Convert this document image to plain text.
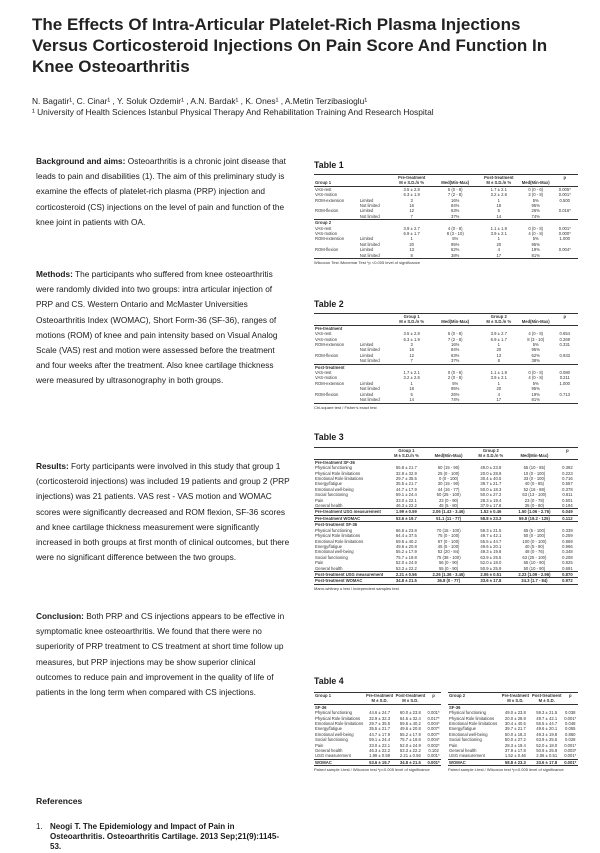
The Effects Of Intra-Articular Platelet-Rich Plasma Injections Versus Corticosteroid Injections On Pain Score And Function In Knee Osteoarthritis
N. Bagatir¹, C. Cinar¹ , Y. Soluk Ozdemir¹ , A.N. Bardak¹ , K. Ones¹ , A.Metin Terzibasioglu¹
¹ University of Health Sciences Istanbul Physical Therapy And Rehabilitation Training And Research Hospital
Background and aims: Osteoarthritis is a chronic joint disease that leads to pain and disabilities (1). The aim of this preliminary study is examine the effects of platelet-rich plasma (PRP) injection and corticosteroid (CS) injections on the level of pain and function of the knee joint in patients with OA.
Methods: The participants who suffered from knee osteoarthritis were randomly divided into two groups: intra articular injection of PRP and CS. Western Ontario and McMaster Universities Osteoarthritis Index (WOMAC), Short Form-36 (SF-36), ranges of motions (ROM) of knee and pain intensity based on Visual Analog Scale (VAS) rest and motion were assessed before the treatment and four weeks after the treatment. Also knee cartilage thickness were measured by ultrasonography in both groups.
Results: Forty participants were involved in this study that group 1 (corticosteroid injections) was included 19 patients and group 2 (PRP injections) was 21 patients. VAS rest - VAS motion and WOMAC scores were significantly decreased and ROM flexion, SF-36 scores and knee cartilage thickness measurement were significantly increased in both groups at first month of clinical outcomes, but there were no significant difference between the two groups.
Conclusion: Both PRP and CS injections appears to be effective in symptomatic knee osteoarthritis. We found that there were no superiority of PRP treatment to CS treatment at short time follow up measures, but PRP injections may be show superior clinical outcomes to reduce pain and improvement in the quality of life of patients in the long term when compared with CS injections.
References
1. Neogi T. The Epidemiology and Impact of Pain in Osteoarthritis. Osteoarthritis Cartilage. 2013 Sep;21(9):1145-53.
Table 1
Table 2
Table 3
Table 4
		Pre-treatment		Post-treatment		p
Group 1		M ± S.D./n %	Med(Min-Max)	M ± S.D./n %	Med(Min-Max)	
VAS-rest		3.5 ± 2.8	5 (0 - 8)	1.7 ± 2.1	0 (0 - 6)	0.005*
VAS-motion		6.3 ± 1.9	7 (2 - 8)	3.2 ± 2.6	2 (0 - 8)	0.001*
ROM-extension	Limited	3	16%	1	5%	0.500
	Not limited	16	84%	18	95%	
ROM-flexion	Limited	12	63%	5	26%	0.016*
	Not limited	7	37%	14	74%	
Group 2						
VAS-rest		3.9 ± 2.7	4 (0 - 8)	1.1 ± 1.9	0 (0 - 8)	0.001*
VAS-motion		6.9 ± 1.7	8 (3 - 10)	3.9 ± 2.1	4 (0 - 8)	0.000*
ROM-extension	Limited	1	5%	1	5%	1.000
	Not limited	20	95%	20	95%	
ROM-flexion	Limited	13	62%	4	19%	0.004*
	Not limited	8	38%	17	81%	
Wilcoxon Test /Mcnemar Test *p <0.005 level of significance
		Group 1		Group 2		p
		M ± S.D./n %	Med(Min-Max)	M ± S.D./n %	Med(Min-Max)	
Pre-treatment						
VAS-rest		3.5 ± 2.8	5 (0 - 8)	3.9 ± 2.7	4 (0 - 8)	0.654
VAS-motion		6.3 ± 1.9	7 (2 - 8)	6.9 ± 1.7	8 (3 - 10)	0.269
ROM-extension	Limited	3	16%	1	5%	0.331
	Not limited	16	84%	20	95%	
ROM-flexion	Limited	12	63%	13	62%	0.933
	Not limited	7	37%	8	38%	
Post-treatment						
VAS-rest		1.7 ± 2.1	0 (0 - 6)	1.1 ± 1.9	0 (0 - 8)	0.080
VAS-motion		3.2 ± 2.6	2 (0 - 8)	3.9 ± 2.1	4 (0 - 8)	0.211
ROM-extension	Limited	1	5%	1	5%	1.000
	Not limited	18	95%	20	95%	
ROM-flexion	Limited	5	26%	4	19%	0.713
	Not limited	14	74%	17	81%	
Chi-square test / Fisher's exact test
	Group 1		Group 2		p
	M ± S.D./n %	Med(Min-Max)	M ± S.D./n %	Med(Min-Max)	
Pre-treatment SF-36					
Physical functioning	55.8 ± 21.7	60 (15 - 90)	49.0 ± 23.8	55 (10 - 85)	0.392
Physical Role limitations	32.8 ± 32.9	25 (0 - 100)	20.0 ± 28.9	10 (0 - 100)	0.223
Emotional Role limitations	29.7 ± 35.5	0 (0 - 100)	30.4 ± 40.5	33 (0 - 100)	0.716
Energy/fatigue	35.5 ± 21.7	30 (15 - 90)	39.7 ± 21.7	40 (0 - 85)	0.557
Emotional well-being	44.7 ± 17.9	44 (16 - 77)	50.0 ± 18.3	52 (16 - 88)	0.378
Social functioning	59.1 ± 24.4	50 (25 - 100)	50.0 ± 27.2	63 (13 - 100)	0.611
Pain	33.0 ± 22.1	23 (0 - 90)	28.3 ± 19.4	23 (0 - 78)	0.501
General health	46.3 ± 22.2	45 (5 - 80)	37.9 ± 17.8	35 (0 - 80)	0.194
Pre-treatment USG measurement	1.99 ± 0.59	2.06 (1.43 - 3.46)	1.52 ± 0.46	1.50 (1.06 - 2.76)	0.049
Pre-treatment WOMAC	53.6 ± 19.7	51.1 (11 - 77)	58.8 ± 23.3	59.8 (19.2 - 125)	0.112
Post-treatment SF-36					
Physical functioning	66.6 ± 23.8	70 (15 - 100)	59.3 ± 21.5	65 (5 - 100)	0.339
Physical Role limitations	64.4 ± 37.5	75 (0 - 100)	49.7 ± 42.1	50 (0 - 100)	0.259
Emotional Role limitations	59.6 ± 40.2	67 (0 - 100)	55.5 ± 44.7	100 (0 - 100)	0.869
Energy/fatigue	49.6 ± 20.8	45 (5 - 100)	49.6 ± 20.1	40 (5 - 90)	0.966
Emotional well-being	55.2 ± 17.9	52 (20 - 84)	49.3 ± 19.8	48 (0 - 76)	0.348
Social functioning	75.7 ± 19.8	75 (38 - 100)	63.9 ± 25.5	63 (25 - 100)	0.208
Pain	52.0 ± 24.9	56 (0 - 90)	52.0 ± 18.0	55 (10 - 90)	0.825
General health	53.3 ± 22.2	55 (0 - 90)	50.9 ± 25.9	50 (10 - 90)	0.691
Post-treatment USG measurement	2.21 ± 0.56	2.26 (1.36 - 3.46)	2.06 ± 0.51	2.23 (1.09 - 2.96)	0.870
Post-treatment WOMAC	34.8 ± 21.5	36.8 (0 - 77)	33.6 ± 17.8	34.3 (1.7 - 84)	0.972
Mann-whitney u test / independent samples test
Group 1	Pre-treatment	Post-treatment	p
	M ± S.D.	M ± S.D.	
SF-36			
Physical functioning	44.6 ± 24.7	60.0 ± 23.8	0.001*
Physical Role limitations	32.9 ± 32.3	64.5 ± 32.4	0.017*
Emotional Role limitations	29.7 ± 35.5	59.6 ± 40.2	0.004*
Energy/fatigue	35.5 ± 21.7	49.6 ± 20.8	0.007*
Emotional well-being	44.7 ± 17.9	55.2 ± 17.9	0.007*
Social functioning	59.1 ± 24.4	75.7 ± 19.8	0.004*
Pain	33.0 ± 22.1	52.0 ± 24.9	0.002*
General health	46.3 ± 22.2	53.3 ± 22.2	0.102
USG measurement	1.99 ± 0.59	2.21 ± 0.56	0.001*
WOMAC	53.6 ± 19.7	34.8 ± 21.5	0.001*
Paired sample t-test / Wilcoxon test *p<0.005 level of significance
Group 2	Pre-treatment	Post-treatment	p
	M ± S.D.	M ± S.D.	
SF-36			
Physical functioning	49.0 ± 23.8	59.3 ± 21.5	0.038
Physical Role limitations	20.0 ± 28.9	49.7 ± 42.1	0.001*
Emotional Role limitations	30.4 ± 40.5	55.5 ± 44.7	0.048
Energy/fatigue	39.7 ± 21.7	49.6 ± 20.1	0.055
Emotional well-being	50.0 ± 18.3	49.3 ± 19.8	0.860
Social functioning	50.0 ± 27.2	63.9 ± 25.5	0.028
Pain	28.3 ± 19.4	52.0 ± 18.0	0.001*
General health	37.9 ± 17.8	50.9 ± 25.9	0.003*
USG measurement	1.52 ± 0.46	2.06 ± 0.51	0.001*
WOMAC	58.8 ± 23.3	33.6 ± 17.8	0.001*
Paired sample t-test / Wilcoxon test *p<0.005 level of significance
